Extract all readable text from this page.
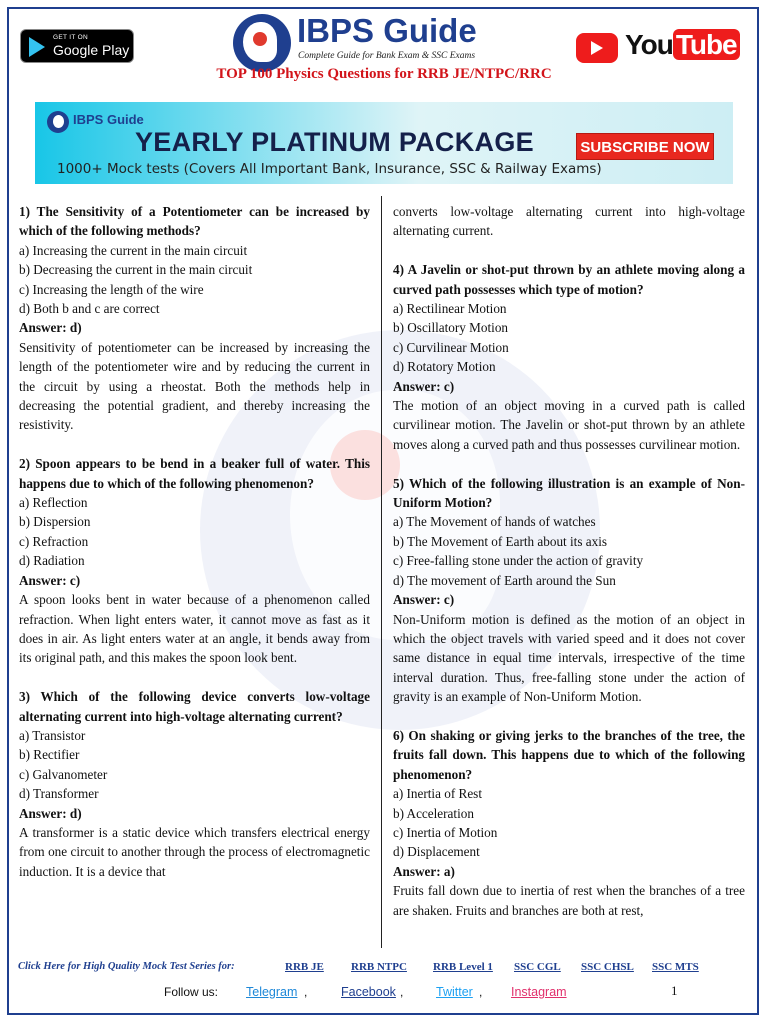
GET IT ON
Google Play
IBPS Guide
Complete Guide for Bank Exam & SSC Exams	You Tube
TOP 100 Physics Questions for RRB JE/NTPC/RRC
IBPS Guide
YEARLY PLATINUM PACKAGE
1000+ Mock tests (Covers All Important Bank, Insurance, SSC & Railway Exams)
SUBSCRIBE NOW

1) The Sensitivity of a Potentiometer can be increased by which of the following methods?

a) Increasing the current in the main circuit

b) Decreasing the current in the main circuit

c) Increasing the length of the wire

d) Both b and c are correct

Answer: d)

Sensitivity of potentiometer can be increased by increasing the length of the potentiometer wire and by reducing the current in the circuit by using a rheostat. Both the methods help in decreasing the potential gradient, and thereby increasing the resistivity.

2) Spoon appears to be bend in a beaker full of water. This happens due to which of the following phenomenon?

a) Reflection

b) Dispersion

c) Refraction

d) Radiation

Answer: c)

A spoon looks bent in water because of a phenomenon called refraction. When light enters water, it cannot move as fast as it does in air. As light enters water at an angle, it bends away from its original path, and this makes the spoon look bent.

3) Which of the following device converts low-voltage alternating current into high-voltage alternating current?

a) Transistor

b) Rectifier

c) Galvanometer

d) Transformer

Answer: d)

A transformer is a static device which transfers electrical energy from one circuit to another through the process of electromagnetic induction. It is a device that

converts low-voltage alternating current into high-voltage alternating current.

4) A Javelin or shot-put thrown by an athlete moving along a curved path possesses which type of motion?

a) Rectilinear Motion

b) Oscillatory Motion

c) Curvilinear Motion

d) Rotatory Motion

Answer: c)

The motion of an object moving in a curved path is called curvilinear motion. The Javelin or shot-put thrown by an athlete moves along a curved path and thus possesses curvilinear motion.

5) Which of the following illustration is an example of Non-Uniform Motion?

a) The Movement of hands of watches

b) The Movement of Earth about its axis

c) Free-falling stone under the action of gravity

d) The movement of Earth around the Sun

Answer: c)

Non-Uniform motion is defined as the motion of an object in which the object travels with varied speed and it does not cover same distance in equal time intervals, irrespective of the time interval duration. Thus, free-falling stone under the action of gravity is an example of Non-Uniform Motion.

6) On shaking or giving jerks to the branches of the tree, the fruits fall down. This happens due to which of the following phenomenon?

a) Inertia of Rest

b) Acceleration

c) Inertia of Motion

d) Displacement

Answer: a)

Fruits fall down due to inertia of rest when the branches of a tree are shaken. Fruits and branches are both at rest,

Click Here for High Quality Mock Test Series for:	RRB JE RRB NTPC RRB Level 1 SSC CGL SSC CHSL SSC MTS
Follow us: Telegram ,	Facebook ,	Twitter , Instagram	1
